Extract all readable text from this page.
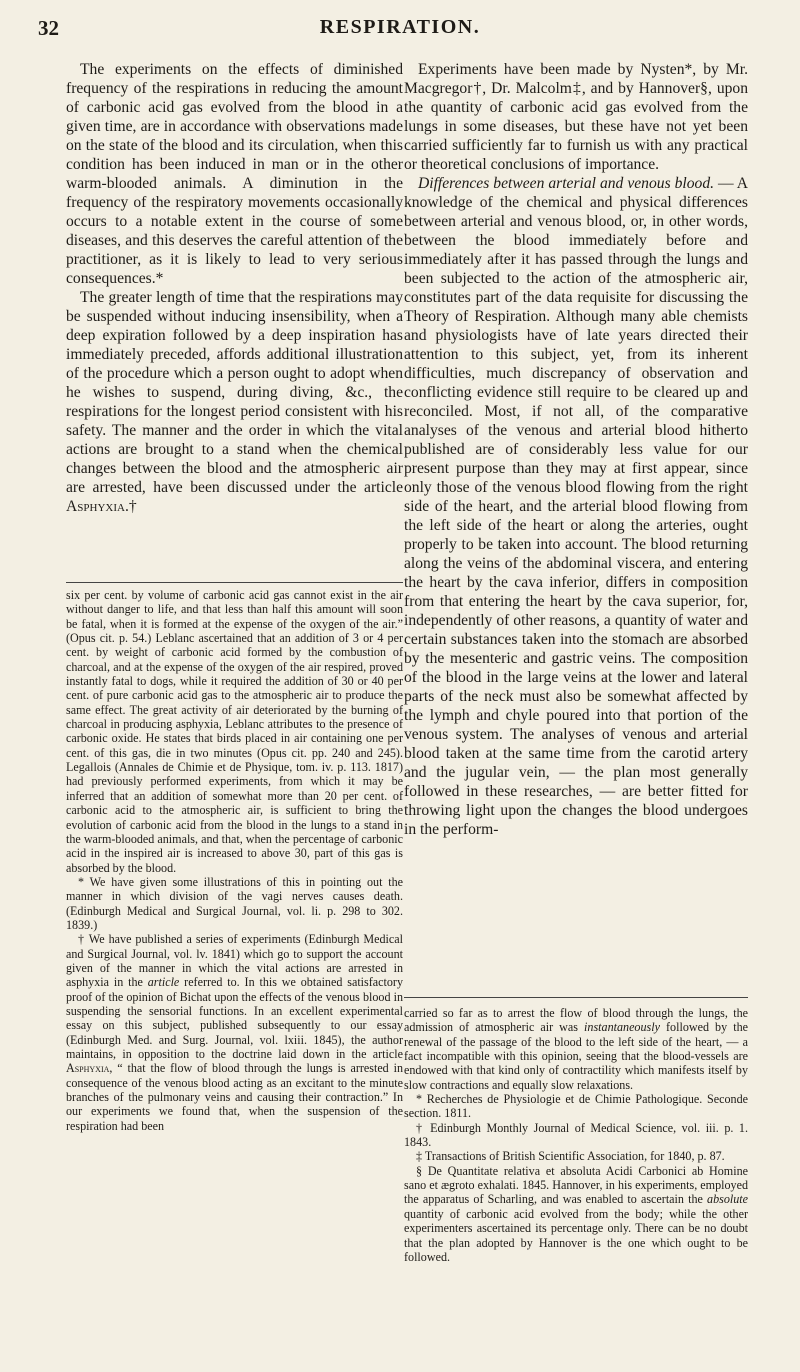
32	RESPIRATION.

The experiments on the effects of diminished frequency of the respirations in reducing the amount of carbonic acid gas evolved from the blood in a given time, are in accordance with observations made on the state of the blood and its circulation, when this condition has been induced in man or in the other warm-blooded animals. A diminution in the frequency of the respiratory movements occasionally occurs to a notable extent in the course of some diseases, and this deserves the careful attention of the practitioner, as it is likely to lead to very serious consequences.*

The greater length of time that the respirations may be suspended without inducing insensibility, when a deep expiration followed by a deep inspiration has immediately preceded, affords additional illustration of the procedure which a person ought to adopt when he wishes to suspend, during diving, &c., the respirations for the longest period consistent with his safety. The manner and the order in which the vital actions are brought to a stand when the chemical changes between the blood and the atmospheric air are arrested, have been discussed under the article Asphyxia.†

six per cent. by volume of carbonic acid gas cannot exist in the air without danger to life, and that less than half this amount will soon be fatal, when it is formed at the expense of the oxygen of the air.” (Opus cit. p. 54.) Leblanc ascertained that an addition of 3 or 4 per cent. by weight of carbonic acid formed by the combustion of charcoal, and at the expense of the oxygen of the air respired, proved instantly fatal to dogs, while it required the addition of 30 or 40 per cent. of pure carbonic acid gas to the atmospheric air to produce the same effect. The great activity of air deteriorated by the burning of charcoal in producing asphyxia, Leblanc attributes to the presence of carbonic oxide. He states that birds placed in air containing one per cent. of this gas, die in two minutes (Opus cit. pp. 240 and 245). Legallois (Annales de Chimie et de Physique, tom. iv. p. 113. 1817) had previously performed experiments, from which it may be inferred that an addition of somewhat more than 20 per cent. of carbonic acid to the atmospheric air, is sufficient to bring the evolution of carbonic acid from the blood in the lungs to a stand in the warm-blooded animals, and that, when the percentage of carbonic acid in the inspired air is increased to above 30, part of this gas is absorbed by the blood.

* We have given some illustrations of this in pointing out the manner in which division of the vagi nerves causes death. (Edinburgh Medical and Surgical Journal, vol. li. p. 298 to 302. 1839.)

† We have published a series of experiments (Edinburgh Medical and Surgical Journal, vol. lv. 1841) which go to support the account given of the manner in which the vital actions are arrested in asphyxia in the article referred to. In this we obtained satisfactory proof of the opinion of Bichat upon the effects of the venous blood in suspending the sensorial functions. In an excellent experimental essay on this subject, published subsequently to our essay (Edinburgh Med. and Surg. Journal, vol. lxiii. 1845), the author maintains, in opposition to the doctrine laid down in the article Asphyxia, “ that the flow of blood through the lungs is arrested in consequence of the venous blood acting as an excitant to the minute branches of the pulmonary veins and causing their contraction.” In our experiments we found that, when the suspension of the respiration had been

Experiments have been made by Nysten*, by Mr. Macgregor†, Dr. Malcolm‡, and by Hannover§, upon the quantity of carbonic acid gas evolved from the lungs in some diseases, but these have not yet been carried sufficiently far to furnish us with any practical or theoretical conclusions of importance.

Differences between arterial and venous blood. — A knowledge of the chemical and physical differences between arterial and venous blood, or, in other words, between the blood immediately before and immediately after it has passed through the lungs and been subjected to the action of the atmospheric air, constitutes part of the data requisite for discussing the Theory of Respiration. Although many able chemists and physiologists have of late years directed their attention to this subject, yet, from its inherent difficulties, much discrepancy of observation and conflicting evidence still require to be cleared up and reconciled. Most, if not all, of the comparative analyses of the venous and arterial blood hitherto published are of considerably less value for our present purpose than they may at first appear, since only those of the venous blood flowing from the right side of the heart, and the arterial blood flowing from the left side of the heart or along the arteries, ought properly to be taken into account. The blood returning along the veins of the abdominal viscera, and entering the heart by the cava inferior, differs in composition from that entering the heart by the cava superior, for, independently of other reasons, a quantity of water and certain substances taken into the stomach are absorbed by the mesenteric and gastric veins. The composition of the blood in the large veins at the lower and lateral parts of the neck must also be somewhat affected by the lymph and chyle poured into that portion of the venous system. The analyses of venous and arterial blood taken at the same time from the carotid artery and the jugular vein, — the plan most generally followed in these researches, — are better fitted for throwing light upon the changes the blood undergoes in the perform-

carried so far as to arrest the flow of blood through the lungs, the admission of atmospheric air was instantaneously followed by the renewal of the passage of the blood to the left side of the heart, — a fact incompatible with this opinion, seeing that the blood-vessels are endowed with that kind only of contractility which manifests itself by slow contractions and equally slow relaxations.

* Recherches de Physiologie et de Chimie Pathologique. Seconde section. 1811.

† Edinburgh Monthly Journal of Medical Science, vol. iii. p. 1. 1843.

‡ Transactions of British Scientific Association, for 1840, p. 87.

§ De Quantitate relativa et absoluta Acidi Carbonici ab Homine sano et ægroto exhalati. 1845. Hannover, in his experiments, employed the apparatus of Scharling, and was enabled to ascertain the absolute quantity of carbonic acid evolved from the body; while the other experimenters ascertained its percentage only. There can be no doubt that the plan adopted by Hannover is the one which ought to be followed.
